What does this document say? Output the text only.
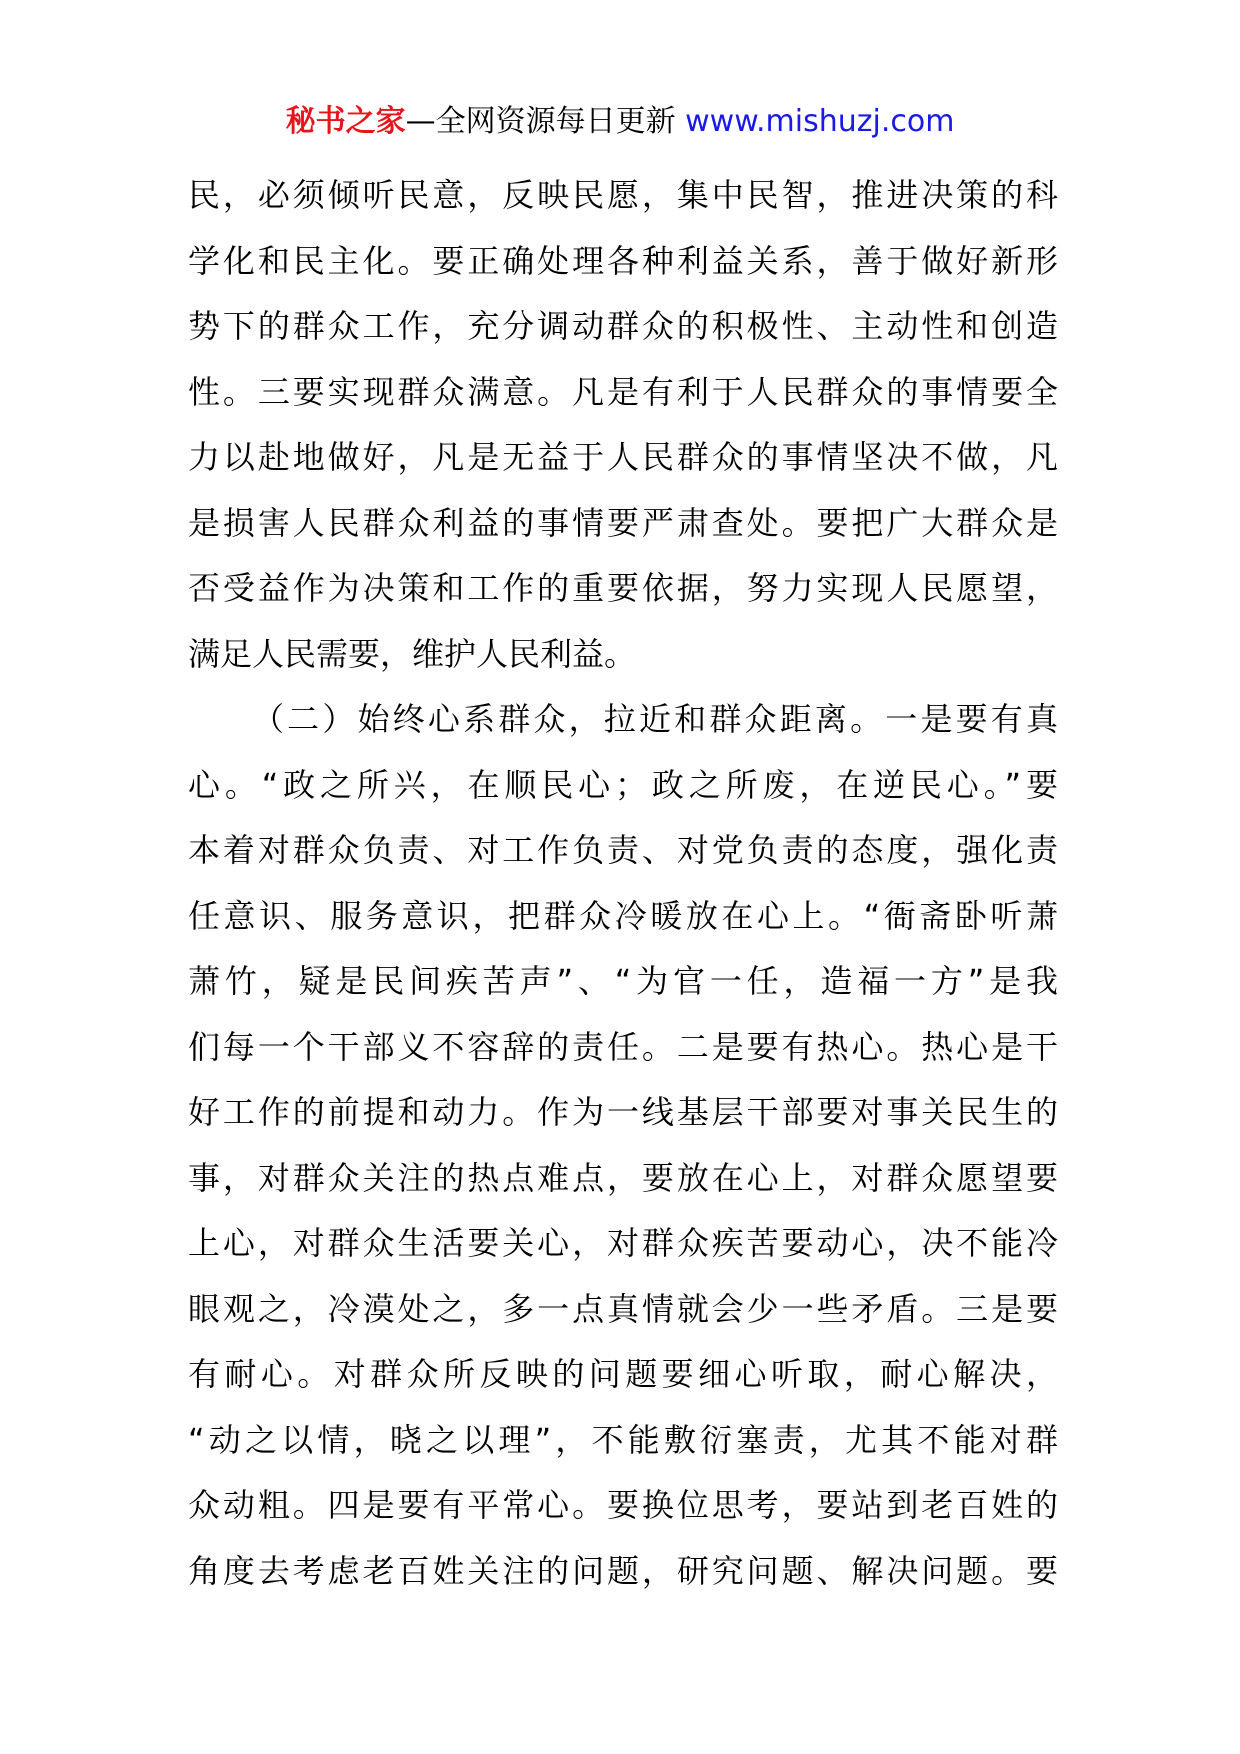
秘书之家—全网资源每日更新 www.mishuzj.com
民，必须倾听民意，反映民愿，集中民智，推进决策的科
学化和民主化。要正确处理各种利益关系，善于做好新形
势下的群众工作，充分调动群众的积极性、主动性和创造
性。三要实现群众满意。凡是有利于人民群众的事情要全
力以赴地做好，凡是无益于人民群众的事情坚决不做，凡
是损害人民群众利益的事情要严肃查处。要把广大群众是
否受益作为决策和工作的重要依据，努力实现人民愿望，
满足人民需要，维护人民利益。
（二）始终心系群众，拉近和群众距离。一是要有真
心。“政之所兴，在顺民心；政之所废，在逆民心。”要
本着对群众负责、对工作负责、对党负责的态度，强化责
任意识、服务意识，把群众冷暖放在心上。“衙斋卧听萧
萧竹，疑是民间疾苦声”、“为官一任，造福一方”是我
们每一个干部义不容辞的责任。二是要有热心。热心是干
好工作的前提和动力。作为一线基层干部要对事关民生的
事，对群众关注的热点难点，要放在心上，对群众愿望要
上心，对群众生活要关心，对群众疾苦要动心，决不能冷
眼观之，冷漠处之，多一点真情就会少一些矛盾。三是要
有耐心。对群众所反映的问题要细心听取，耐心解决，
“动之以情，晓之以理”，不能敷衍塞责，尤其不能对群
众动粗。四是要有平常心。要换位思考，要站到老百姓的
角度去考虑老百姓关注的问题，研究问题、解决问题。要
